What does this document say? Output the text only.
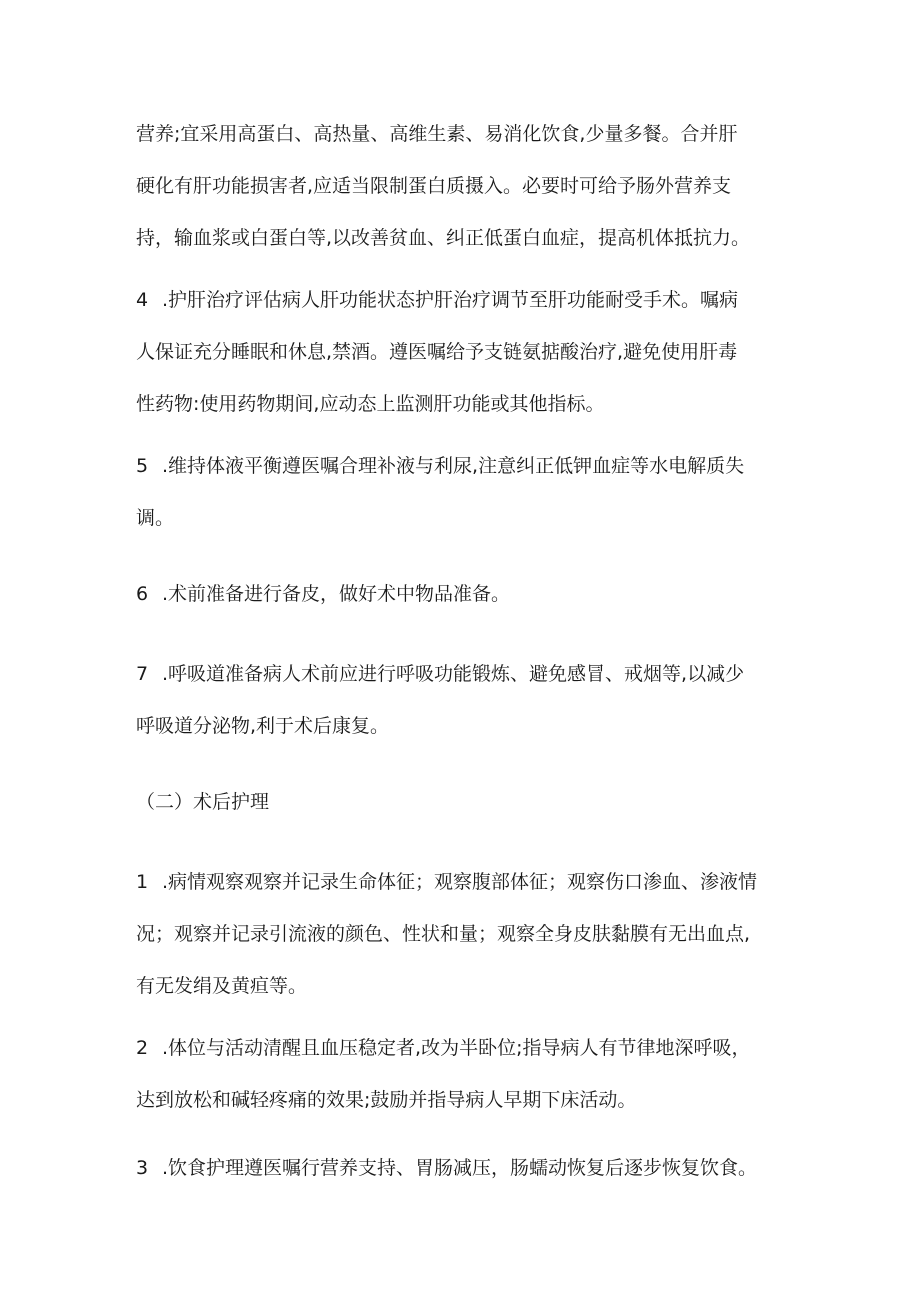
营养;宜采用高蛋白、高热量、高维生素、易消化饮食,少量多餐。合并肝
硬化有肝功能损害者,应适当限制蛋白质摄入。必要时可给予肠外营养支
持，输血浆或白蛋白等,以改善贫血、纠正低蛋白血症，提高机体抵抗力。

4 .护肝治疗评估病人肝功能状态护肝治疗调节至肝功能耐受手术。嘱病
人保证充分睡眠和休息,禁酒。遵医嘱给予支链氨掂酸治疗,避免使用肝毒
性药物:使用药物期间,应动态上监测肝功能或其他指标。

5 .维持体液平衡遵医嘱合理补液与利尿,注意纠正低钾血症等水电解质失
调。

6 .术前准备进行备皮，做好术中物品准备。

7 .呼吸道准备病人术前应进行呼吸功能锻炼、避免感冒、戒烟等,以减少
呼吸道分泌物,利于术后康复。

（二）术后护理

1 .病情观察观察并记录生命体征；观察腹部体征；观察伤口渗血、渗液情
况；观察并记录引流液的颜色、性状和量；观察全身皮肤黏膜有无出血点,
有无发绢及黄疸等。

2 .体位与活动清醒且血压稳定者,改为半卧位;指导病人有节律地深呼吸，
达到放松和碱轻疼痛的效果;鼓励并指导病人早期下床活动。

3 .饮食护理遵医嘱行营养支持、胃肠减压，肠蠕动恢复后逐步恢复饮食。
